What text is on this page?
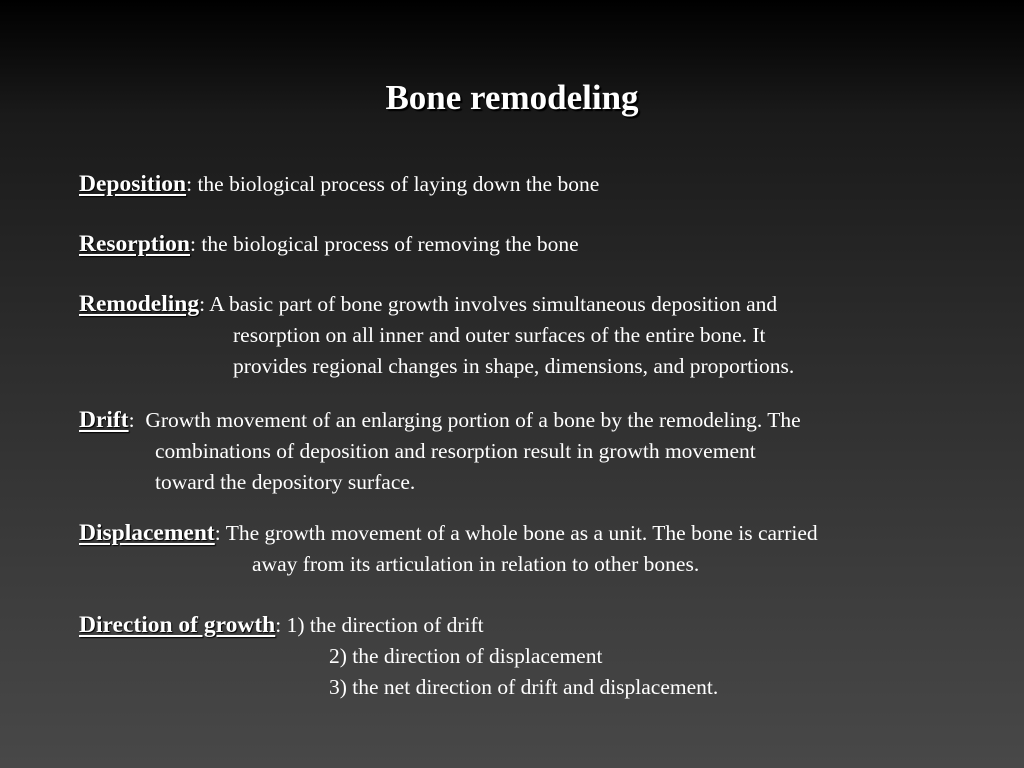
Bone remodeling
Deposition: the biological process of laying down the bone
Resorption: the biological process of removing the bone
Remodeling: A basic part of bone growth involves simultaneous deposition and
resorption on all inner and outer surfaces of the entire bone. It
provides regional changes in shape, dimensions, and proportions.
Drift: Growth movement of an enlarging portion of a bone by the remodeling. The
combinations of deposition and resorption result in growth movement
toward the depository surface.
Displacement: The growth movement of a whole bone as a unit. The bone is carried
away from its articulation in relation to other bones.
Direction of growth: 1) the direction of drift
2) the direction of displacement
3) the net direction of drift and displacement.
